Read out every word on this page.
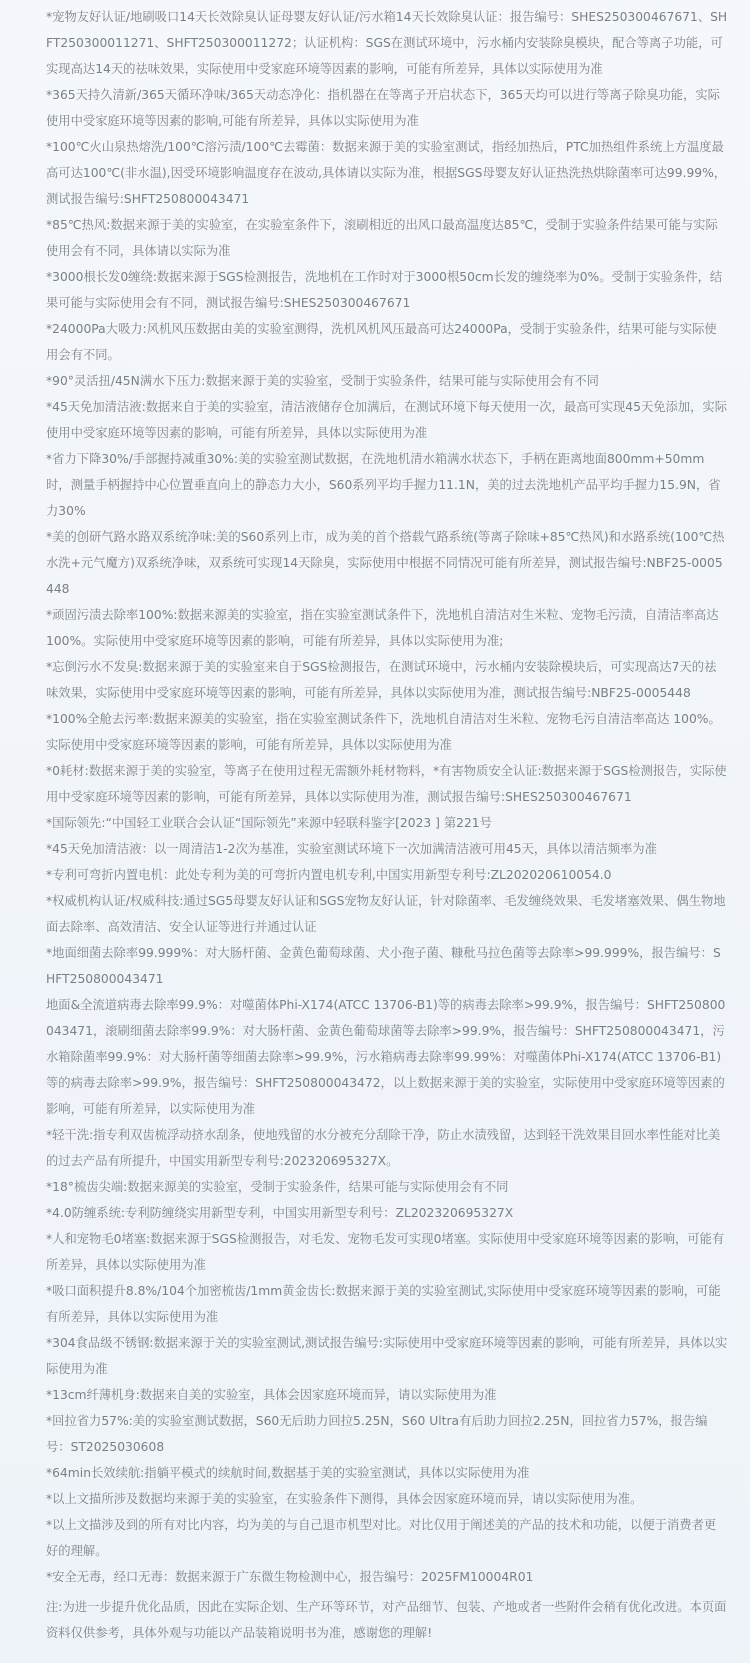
*宠物友好认证/地刷吸口14天长效除臭认证母婴友好认证/污水箱14天长效除臭认证：报告编号：SHES250300467671、SHFT250300011271、SHFT250300011272；认证机构：SGS在测试环境中，污水桶内安装除臭模块，配合等离子功能，可实现高达14天的祛味效果，实际使用中受家庭环境等因素的影响，可能有所差异，具体以实际使用为准

*365天持久清新/365天循环净味/365天动态净化：指机器在在等离子开启状态下，365天均可以进行等离子除臭功能，实际使用中受家庭环境等因素的影响,可能有所差异，具体以实际使用为准

*100℃火山泉热熔洗/100℃溶污渍/100℃去霉菌：数据来源于美的实验室测试，指经加热后，PTC加热组件系统上方温度最高可达100℃(非水温),因受环境影响温度存在波动,具体请以实际为准，根据SGS母婴友好认证热洗热烘除菌率可达99.99%，测试报告编号:SHFT250800043471

*85℃热风:数据来源于美的实验室，在实验室条件下，滚刷相近的出风口最高温度达85℃，受制于实验条件结果可能与实际使用会有不同，具体请以实际为准

*3000根长发0缠绕:数据来源于SGS检测报告，洗地机在工作时对于3000根50cm长发的缠绕率为0%。受制于实验条件，结果可能与实际使用会有不同，测试报告编号:SHES250300467671

*24000Pa大吸力:风机风压数据由美的实验室测得，洗机风机风压最高可达24000Pa，受制于实验条件，结果可能与实际使用会有不同。

*90°灵活扭/45N满水下压力:数据来源于美的实验室，受制于实验条件，结果可能与实际使用会有不同

*45天免加清洁液:数据来自于美的实验室，清洁液储存仓加满后，在测试环境下每天使用一次，最高可实现45天免添加，实际使用中受家庭环境等因素的影响，可能有所差异，具体以实际使用为准

*省力下降30%/手部握持减重30%:美的实验室测试数据，在洗地机清水箱满水状态下，手柄在距离地面800mm+50mm时，测量手柄握持中心位置垂直向上的静态力大小，S60系列平均手握力11.1N，美的过去洗地机产品平均手握力15.9N，省力30%

*美的创研气路水路双系统净味:美的S60系列上市，成为美的首个搭载气路系统(等离子除味+85℃热风)和水路系统(100℃热水洗+元气魔方)双系统净味，双系统可实现14天除臭，实际使用中根据不同情况可能有所差异，测试报告编号:NBF25-0005448

*顽固污渍去除率100%:数据来源美的实验室，指在实验室测试条件下，洗地机自清洁对生米粒、宠物毛污渍，自清洁率高达 100%。实际使用中受家庭环境等因素的影响，可能有所差异，具体以实际使用为准;

*忘倒污水不发臭:数据来源于美的实验室来自于SGS检测报告，在测试环境中，污水桶内安装除模块后，可实现高达7天的祛味效果，实际使用中受家庭环境等因素的影响，可能有所差异，具体以实际使用为准，测试报告编号:NBF25-0005448

*100%全舱去污率:数据来源美的实验室，指在实验室测试条件下，洗地机自清洁对生米粒、宠物毛污自清洁率高达 100%。实际使用中受家庭环境等因素的影响，可能有所差异，具体以实际使用为准

*0耗材:数据来源于美的实验室，等离子在使用过程无需额外耗材物料，*有害物质安全认证:数据来源于SGS检测报告，实际使用中受家庭环境等因素的影响，可能有所差异，具体以实际使用为准，测试报告编号:SHES250300467671

*国际领先:“中国轻工业联合会认证“国际领先”来源中轻联科鉴字[2023 ] 第221号

*45天免加清洁液：以一周清洁1-2次为基准，实验室测试环境下一次加满清洁液可用45天，具体以清洁频率为准

*专利可弯折内置电机：此处专利为美的可弯折内置电机专利,中国实用新型专利号:ZL202020610054.0

*权威机构认证/权威科技:通过SG5母婴友好认证和SGS宠物友好认证，针对除菌率、毛发缠绕效果、毛发堵塞效果、偶生物地面去除率、高效清洁、安全认证等进行并通过认证

*地面细菌去除率99.999%：对大肠杆菌、金黄色葡萄球菌、犬小孢子菌、糠秕马拉色菌等去除率>99.999%，报告编号：SHFT250800043471

地面&全流道病毒去除率99.9%：对噬菌体Phi-X174(ATCC 13706-B1)等的病毒去除率>99.9%，报告编号：SHFT250800043471，滚刷细菌去除率99.9%：对大肠杆菌、金黄色葡萄球菌等去除率>99.9%，报告编号：SHFT250800043471，污水箱除菌率99.9%：对大肠杆菌等细菌去除率>99.9%，污水箱病毒去除率99.99%：对噬菌体Phi-X174(ATCC 13706-B1)等的病毒去除率>99.9%，报告编号：SHFT250800043472，以上数据来源于美的实验室，实际使用中受家庭环境等因素的影响，可能有所差异，以实际使用为准

*轻干洗:指专利双齿梳浮动挤水刮条，使地残留的水分被充分刮除干净，防止水渍残留，达到轻干洗效果目回水率性能对比美的过去产品有所提升，中国实用新型专利号:202320695327X。

*18°梳齿尖端:数据来源美的实验室，受制于实验条件，结果可能与实际使用会有不同

*4.0防缠系统:专利防缠绕实用新型专利，中国实用新型专利号：ZL202320695327X

*人和宠物毛0堵塞:数据来源于SGS检测报告，对毛发、宠物毛发可实现0堵塞。实际使用中受家庭环境等因素的影响，可能有所差异，具体以实际使用为准

*吸口面积提升8.8%/104个加密梳齿/1mm黄金齿长:数据来源于美的实验室测试,实际使用中受家庭环境等因素的影响，可能有所差异，具体以实际使用为准

*304食品级不锈钢:数据来源于关的实验室测试,测试报告编号:实际使用中受家庭环境等因素的影响，可能有所差异，具体以实际使用为准

*13cm纤薄机身:数据来自美的实验室，具体会因家庭环境而异，请以实际使用为准

*回拉省力57%:美的实验室测试数据，S60无后助力回拉5.25N，S60 Ultra有后助力回拉2.25N，回拉省力57%，报告编号：ST2025030608

*64min长效续航:指躺平模式的续航时间,数据基于美的实验室测试，具体以实际使用为准

*以上文描所涉及数据均来源于美的实验室，在实验条件下测得，具体会因家庭环境而异，请以实际使用为准。

*以上文描涉及到的所有对比内容，均为美的与自己退市机型对比。对比仅用于阐述美的产品的技术和功能，以便于消费者更好的理解。

*安全无毒，经口无毒：数据来源于广东微生物检测中心，报告编号：2025FM10004R01

注:为进一步提升优化品质，因此在实际企划、生产环等环节，对产品细节、包装、产地或者一些附件会稍有优化改进。本页面资料仅供参考，具体外观与功能以产品装箱说明书为准，感谢您的理解!
